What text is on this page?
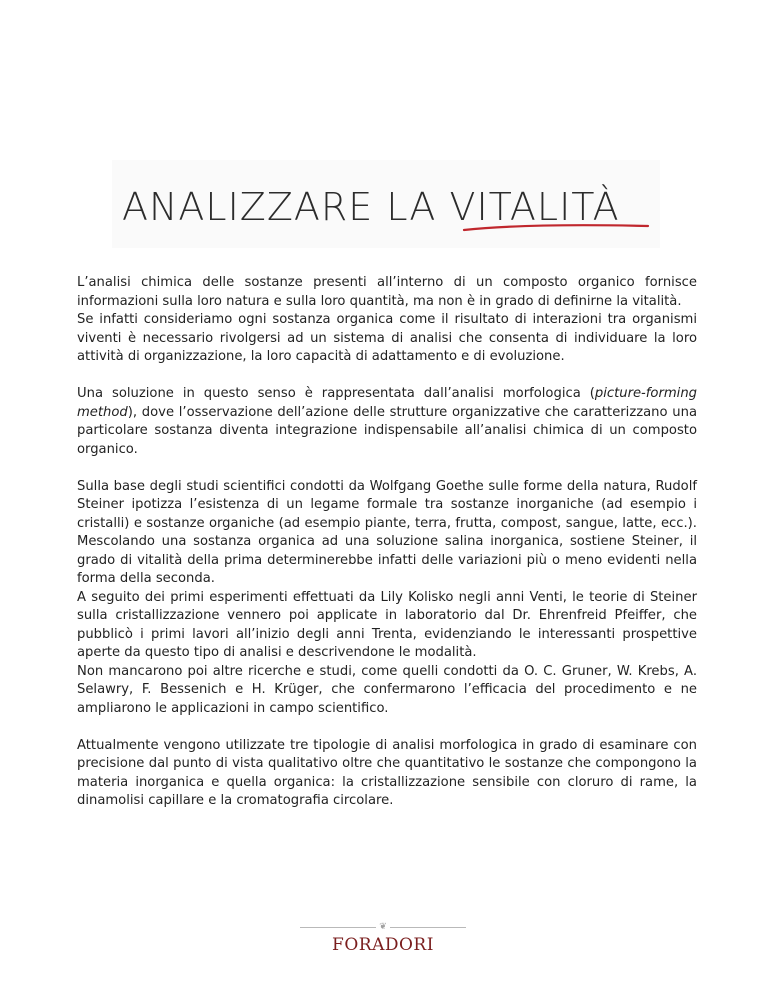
ANALIZZARE LA VITALITÀ

L’analisi chimica delle sostanze presenti all’interno di un composto organico fornisce informazioni sulla loro natura e sulla loro quantità, ma non è in grado di definirne la vitalità.

Se infatti consideriamo ogni sostanza organica come il risultato di interazioni tra organismi viventi è necessario rivolgersi ad un sistema di analisi che consenta di individuare la loro attività di organizzazione, la loro capacità di adattamento e di evoluzione.

Una soluzione in questo senso è rappresentata dall’analisi morfologica (picture-forming method), dove l’osservazione dell’azione delle strutture organizzative che caratterizzano una particolare sostanza diventa integrazione indispensabile all’analisi chimica di un composto organico.

Sulla base degli studi scientifici condotti da Wolfgang Goethe sulle forme della natura, Rudolf Steiner ipotizza l’esistenza di un legame formale tra sostanze inorganiche (ad esempio i cristalli) e sostanze organiche (ad esempio piante, terra, frutta, compost, sangue, latte, ecc.). Mescolando una sostanza organica ad una soluzione salina inorganica, sostiene Steiner, il grado di vitalità della prima determinerebbe infatti delle variazioni più o meno evidenti nella forma della seconda.

A seguito dei primi esperimenti effettuati da Lily Kolisko negli anni Venti, le teorie di Steiner sulla cristallizzazione vennero poi applicate in laboratorio dal Dr. Ehrenfreid Pfeiffer, che pubblicò i primi lavori all’inizio degli anni Trenta, evidenziando le interessanti prospettive aperte da questo tipo di analisi e descrivendone le modalità.

Non mancarono poi altre ricerche e studi, come quelli condotti da O. C. Gruner, W. Krebs, A. Selawry, F. Bessenich e H. Krüger, che confermarono l’efficacia del procedimento e ne ampliarono le applicazioni in campo scientifico.

Attualmente vengono utilizzate tre tipologie di analisi morfologica in grado di esaminare con precisione dal punto di vista qualitativo oltre che quantitativo le sostanze che compongono la materia inorganica e quella organica: la cristallizzazione sensibile con cloruro di rame, la dinamolisi capillare e la cromatografia circolare.

❦
FORADORI
